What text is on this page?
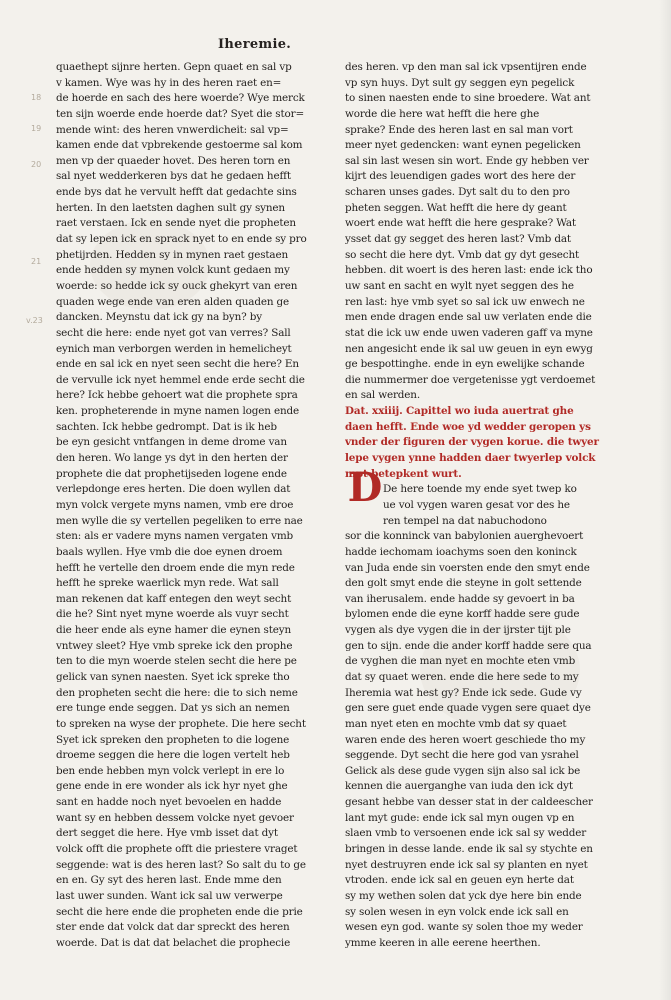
Iheremie.
18
19
20
21
v.23
quaethept sijnre herten. Gepn quaet en sal vp
v kamen. Wye was hy in des heren raet en=
de hoerde en sach des here woerde? Wye merck
ten sijn woerde ende hoerde dat? Syet die stor=
mende wint: des heren vnwerdicheit: sal vp=
kamen ende dat vpbrekende gestoerme sal kom
men vp der quaeder hovet. Des heren torn en
sal nyet wedderkeren bys dat he gedaen hefft
ende bys dat he vervult hefft dat gedachte sins
herten. In den laetsten daghen sult gy synen
raet verstaen. Ick en sende nyet die propheten
dat sy lepen ick en sprack nyet to en ende sy pro
phetijrden. Hedden sy in mynen raet gestaen
ende hedden sy mynen volck kunt gedaen my
woerde: so hedde ick sy ouck ghekyrt van eren
quaden wege ende van eren alden quaden ge
dancken. Meynstu dat ick gy na byn? by
secht die here: ende nyet got van verres? Sall
eynich man verborgen werden in hemelicheyt
ende en sal ick en nyet seen secht die here? En
de vervulle ick nyet hemmel ende erde secht die
here? Ick hebbe gehoert wat die prophete spra
ken. propheterende in myne namen logen ende
sachten. Ick hebbe gedrompt. Dat is ik heb
be eyn gesicht vntfangen in deme drome van
den heren. Wo lange ys dyt in den herten der
prophete die dat prophetijseden logene ende
verlepdonge eres herten. Die doen wyllen dat
myn volck vergete myns namen, vmb ere droe
men wylle die sy vertellen pegeliken to erre nae
sten: als er vadere myns namen vergaten vmb
baals wyllen. Hye vmb die doe eynen droem
hefft he vertelle den droem ende die myn rede
hefft he spreke waerlick myn rede. Wat sall
man rekenen dat kaff entegen den weyt secht
die he? Sint nyet myne woerde als vuyr secht
die heer ende als eyne hamer die eynen steyn
vntwey sleet? Hye vmb spreke ick den prophe
ten to die myn woerde stelen secht die here pe
gelick van synen naesten. Syet ick spreke tho
den propheten secht die here: die to sich neme
ere tunge ende seggen. Dat ys sich an nemen
to spreken na wyse der prophete. Die here secht
Syet ick spreken den propheten to die logene
droeme seggen die here die logen vertelt heb
ben ende hebben myn volck verlept in ere lo
gene ende in ere wonder als ick hyr nyet ghe
sant en hadde noch nyet bevoelen en hadde
want sy en hebben dessem volcke nyet gevoer
dert segget die here. Hye vmb isset dat dyt
volck offt die prophete offt die priestere vraget
seggende: wat is des heren last? So salt du to ge
en en. Gy syt des heren last. Ende mme den
last uwer sunden. Want ick sal uw verwerpe
secht die here ende die propheten ende die prie
ster ende dat volck dat dar spreckt des heren
woerde. Dat is dat dat belachet die prophecie
des heren. vp den man sal ick vpsentijren ende
vp syn huys. Dyt sult gy seggen eyn pegelick
to sinen naesten ende to sine broedere. Wat ant
worde die here wat hefft die here ghe
sprake? Ende des heren last en sal man vort
meer nyet gedencken: want eynen pegelicken
sal sin last wesen sin wort. Ende gy hebben ver
kijrt des leuendigen gades wort des here der
scharen unses gades. Dyt salt du to den pro
pheten seggen. Wat hefft die here dy geant
woert ende wat hefft die here gesprake? Wat
ysset dat gy segget des heren last? Vmb dat
so secht die here dyt. Vmb dat gy dyt gesecht
hebben. dit woert is des heren last: ende ick tho
uw sant en sacht en wylt nyet seggen des he
ren last: hye vmb syet so sal ick uw enwech ne
men ende dragen ende sal uw verlaten ende die
stat die ick uw ende uwen vaderen gaff va myne
nen angesicht ende ik sal uw geuen in eyn ewyg
ge bespottinghe. ende in eyn ewelijke schande
die nummermer doe vergetenisse ygt verdoemet
en sal werden.
Dat. xxiiij. Capittel wo iuda auertrat ghe
daen hefft. Ende woe yd wedder geropen ys
vnder der figuren der vygen korue. die twyer
lepe vygen ynne hadden daer twyerlep volck
mpt betepkent wurt.
De here toende my ende syet twep ko
ue vol vygen waren gesat vor des he
ren tempel na dat nabuchodono
sor die konninck van babylonien auerghevoert
hadde iechomam ioachyms soen den koninck
van Juda ende sin voersten ende den smyt ende
den golt smyt ende die steyne in golt settende
van iherusalem. ende hadde sy gevoert in ba
bylomen ende die eyne korff hadde sere gude
vygen als dye vygen die in der ijrster tijt ple
gen to sijn. ende die ander korff hadde sere qua
de vyghen die man nyet en mochte eten vmb
dat sy quaet weren. ende die here sede to my
Iheremia wat hest gy? Ende ick sede. Gude vy
gen sere guet ende quade vygen sere quaet dye
man nyet eten en mochte vmb dat sy quaet
waren ende des heren woert geschiede tho my
seggende. Dyt secht die here god van ysrahel
Gelick als dese gude vygen sijn also sal ick be
kennen die auerganghe van iuda den ick dyt
gesant hebbe van desser stat in der caldeescher
lant myt gude: ende ick sal myn ougen vp en
slaen vmb to versoenen ende ick sal sy wedder
bringen in desse lande. ende ik sal sy stychte en
nyet destruyren ende ick sal sy planten en nyet
vtroden. ende ick sal en geuen eyn herte dat
sy my wethen solen dat yck dye here bin ende
sy solen wesen in eyn volck ende ick sall en
wesen eyn god. wante sy solen thoe my weder
ymme keeren in alle eerene heerthen.
D
